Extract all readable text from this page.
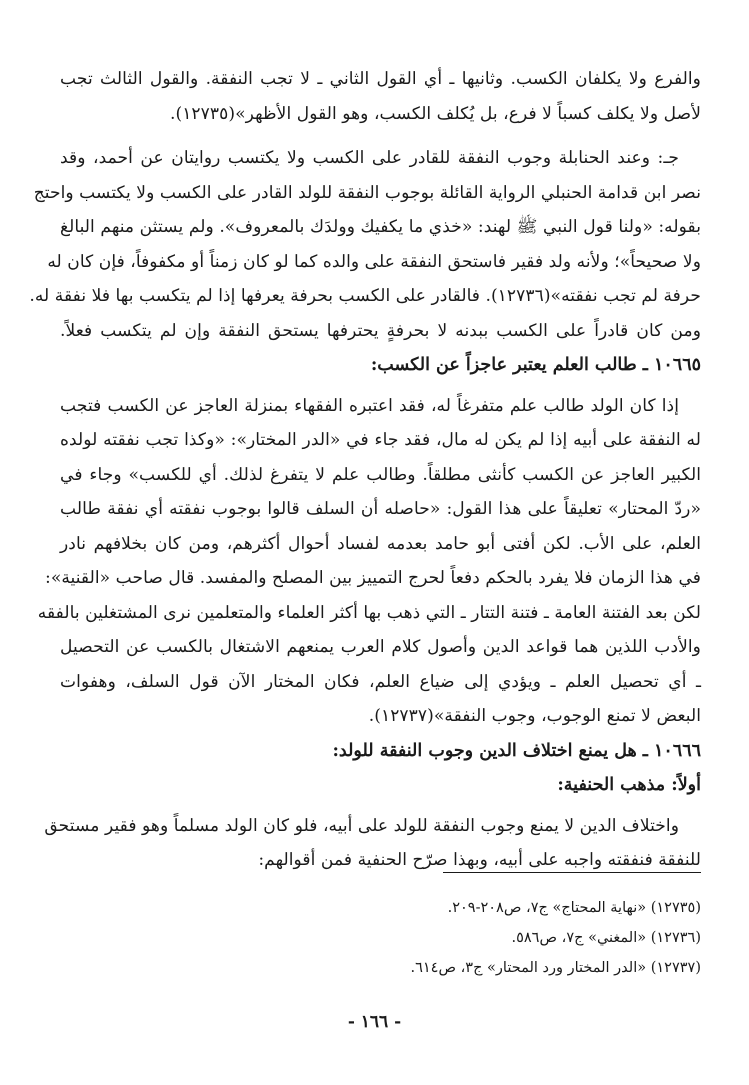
والفرع ولا يكلفان الكسب. وثانيها ـ أي القول الثاني ـ لا تجب النفقة. والقول الثالث تجب
لأصل ولا يكلف كسباً لا فرع، بل يُكلف الكسب، وهو القول الأظهر»(١٢٧٣٥).
جـ: وعند الحنابلة وجوب النفقة للقادر على الكسب ولا يكتسب روايتان عن أحمد، وقد
نصر ابن قدامة الحنبلي الرواية القائلة بوجوب النفقة للولد القادر على الكسب ولا يكتسب واحتج
بقوله: «ولنا قول النبي ﷺ لهند: «خذي ما يكفيك وولدَك بالمعروف». ولم يستثن منهم البالغ
ولا صحيحاً»؛ ولأنه ولد فقير فاستحق النفقة على والده كما لو كان زمناً أو مكفوفاً، فإن كان له
حرفة لم تجب نفقته»(١٢٧٣٦). فالقادر على الكسب بحرفة يعرفها إذا لم يتكسب بها فلا نفقة له.
ومن كان قادراً على الكسب ببدنه لا بحرفةٍ يحترفها يستحق النفقة وإن لم يتكسب فعلاً.
١٠٦٦٥ ـ طالب العلم يعتبر عاجزاً عن الكسب:
إذا كان الولد طالب علم متفرغاً له، فقد اعتبره الفقهاء بمنزلة العاجز عن الكسب فتجب
له النفقة على أبيه إذا لم يكن له مال، فقد جاء في «الدر المختار»: «وكذا تجب نفقته لولده
الكبير العاجز عن الكسب كأنثى مطلقاً. وطالب علم لا يتفرغ لذلك. أي للكسب» وجاء في
«ردّ المحتار» تعليقاً على هذا القول: «حاصله أن السلف قالوا بوجوب نفقته أي نفقة طالب
العلم، على الأب. لكن أفتى أبو حامد بعدمه لفساد أحوال أكثرهم، ومن كان بخلافهم نادر
في هذا الزمان فلا يفرد بالحكم دفعاً لحرج التمييز بين المصلح والمفسد. قال صاحب «القنية»:
لكن بعد الفتنة العامة ـ فتنة التتار ـ التي ذهب بها أكثر العلماء والمتعلمين نرى المشتغلين بالفقه
والأدب اللذين هما قواعد الدين وأصول كلام العرب يمنعهم الاشتغال بالكسب عن التحصيل
ـ أي تحصيل العلم ـ ويؤدي إلى ضياع العلم، فكان المختار الآن قول السلف، وهفوات
البعض لا تمنع الوجوب، وجوب النفقة»(١٢٧٣٧).
١٠٦٦٦ ـ هل يمنع اختلاف الدين وجوب النفقة للولد:
أولاً: مذهب الحنفية:
واختلاف الدين لا يمنع وجوب النفقة للولد على أبيه، فلو كان الولد مسلماً وهو فقير مستحق
للنفقة فنفقته واجبه على أبيه، وبهذا صرّح الحنفية فمن أقوالهم:
(١٢٧٣٥) «نهاية المحتاج» ج٧، ص٢٠٨-٢٠٩.
(١٢٧٣٦) «المغني» ج٧، ص٥٨٦.
(١٢٧٣٧) «الدر المختار ورد المحتار» ج٣، ص٦١٤.
- ١٦٦ -
